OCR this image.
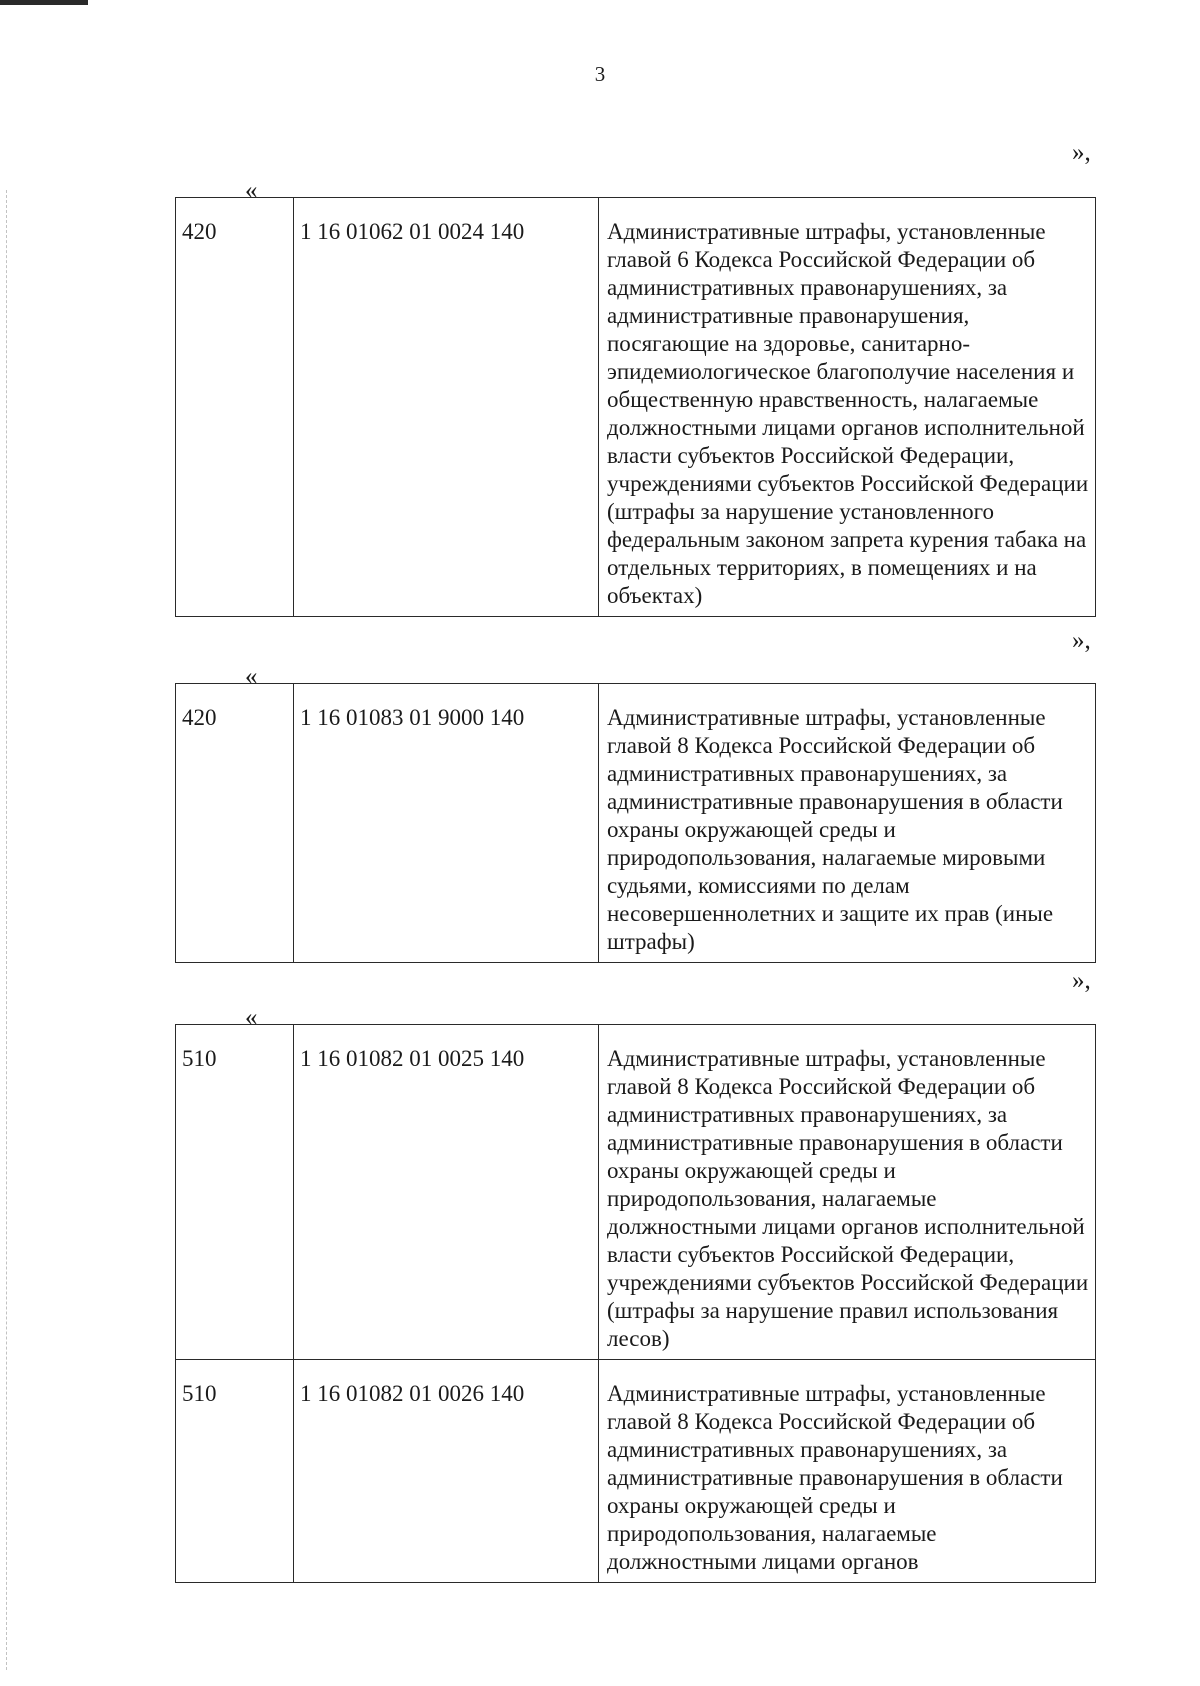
3
»,
«
420	1 16 01062 01 0024 140	Административные штрафы, установленные главой 6 Кодекса Российской Федерации об административных правонарушениях, за административные правонарушения, посягающие на здоровье, санитарно-эпидемиологическое благополучие населения и общественную нравственность, налагаемые должностными лицами органов исполнительной власти субъектов Российской Федерации, учреждениями субъектов Российской Федерации (штрафы за нарушение установленного федеральным законом запрета курения табака на отдельных территориях, в помещениях и на объектах)
»,
«
420	1 16 01083 01 9000 140	Административные штрафы, установленные главой 8 Кодекса Российской Федерации об административных правонарушениях, за административные правонарушения в области охраны окружающей среды и природопользования, налагаемые мировыми судьями, комиссиями по делам несовершеннолетних и защите их прав (иные штрафы)
»,
«
510	1 16 01082 01 0025 140	Административные штрафы, установленные главой 8 Кодекса Российской Федерации об административных правонарушениях, за административные правонарушения в области охраны окружающей среды и природопользования, налагаемые должностными лицами органов исполнительной власти субъектов Российской Федерации, учреждениями субъектов Российской Федерации (штрафы за нарушение правил использования лесов)
510	1 16 01082 01 0026 140	Административные штрафы, установленные главой 8 Кодекса Российской Федерации об административных правонарушениях, за административные правонарушения в области охраны окружающей среды и природопользования, налагаемые должностными лицами органов
